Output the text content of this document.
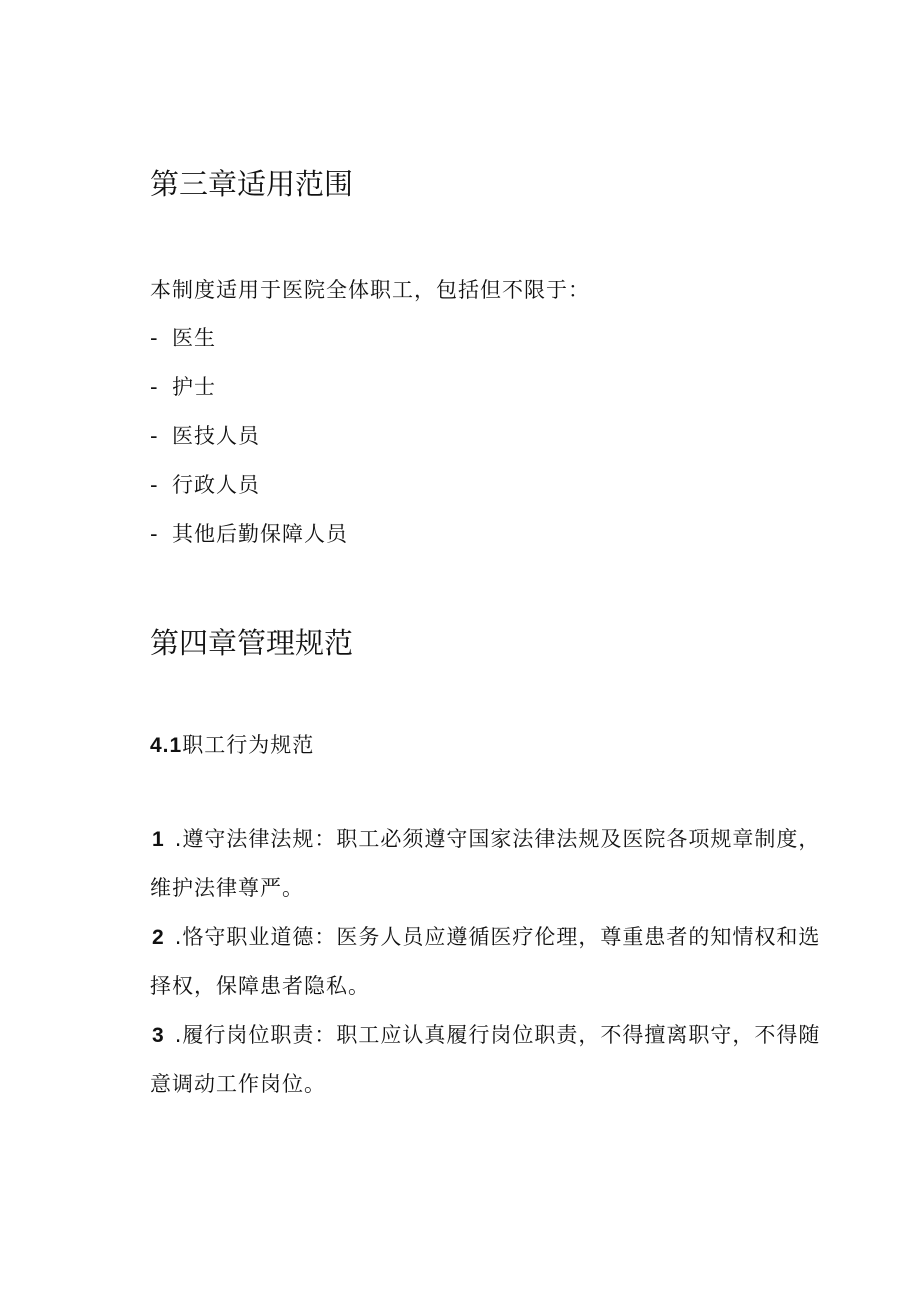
第三章适用范围
本制度适用于医院全体职工，包括但不限于：
- 医生
- 护士
- 医技人员
- 行政人员
- 其他后勤保障人员
第四章管理规范
4.1职工行为规范
1 .遵守法律法规：职工必须遵守国家法律法规及医院各项规章制度，
维护法律尊严。
2 .恪守职业道德：医务人员应遵循医疗伦理，尊重患者的知情权和选
择权，保障患者隐私。
3 .履行岗位职责：职工应认真履行岗位职责，不得擅离职守，不得随
意调动工作岗位。
